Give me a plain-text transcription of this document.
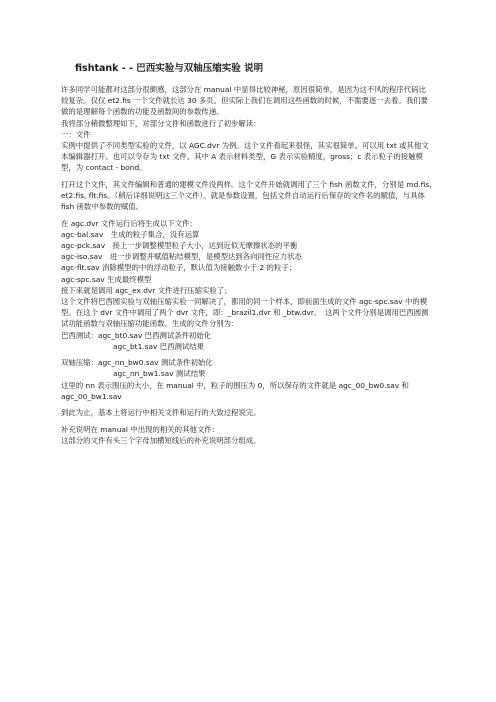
fishtank - - 巴西实验与双轴压缩实验 说明

许多同学可能都对这部分很颇感，这部分在 manual 中显得比较神秘，原因很简单，是因为这不风的程序代码比较复杂。仅仅 et2.fis 一个文件就长达 30 多页。但实际上我们在调用这些函数的时候，不需要逐一去看。我们要做的是理解每个函数的功能及函数间的参数传递。

我将部分稍微整理如下，对部分文件和函数进行了初步解读：

一：文件

实例中提供了不同类型实验的文件，以 AGC.dvr 为例。这个文件看起来很怪，其实很简单。可以用 txt 或其他文本编辑器打开。也可以令存为 txt 文件。其中 A 表示材料类型，G 表示实验精度，gross；c 表示粒子的接触模型，为 contact - bond。

打开这个文件，其文件编辑和普通的建模文件没两样。这个文件开始就调用了三个 fish 函数文件，分别是 md.fis, et2.fis, flt.fis。（稍后详细说明这三个文件）。就是参数设置，包括文件自动运行后保存的文件名的赋值，与具体 fish 函数中参数的赋值。

在 agc.dvr 文件运行后将生成以下文件：

agc-bal.sav　生成的粒子集合，没有运算

agc-pck.sav　接上一步调整模型粒子大小，达到近似无摩擦状态的平衡

agc-iso.sav　进一步调整并赋值粘结模型，是模型达到各向同性应力状态

agc-flt.sav 消除模型的中的浮动粒子，默认值为接触数小于 2 的粒子；

agc-spc.sav 生成最终模型

接下来就是调用 agc_ex.dvr 文件进行压缩实验了；

这个文件将巴西圆实验与双轴压缩实验一同解决了，都用的同一个样本，即前面生成的文件 agc-spc.sav 中的模型。在这个 dvr 文件中调用了两个 dvr 文件，即：_brazil1.dvr 和 _btw.dvr。　这两个文件分别是调用巴西圆测试功能函数与双轴压缩功能函数。生成的文件分别为：

巴西测试：agc_bt0.sav 巴西测试条件初始化

agc_bt1.sav 巴西测试结果

双轴压缩：agc_nn_bw0.sav 测试条件初始化

agc_nn_bw1.sav 测试结果

这里的 nn 表示围压的大小，在 manual 中，粒子的围压为 0，所以保存的文件就是 agc_00_bw0.sav 和 agc_00_bw1.sav

到此为止，基本上将运行中相关文件和运行的大致过程说完。

补充说明在 manual 中出现的相关的其他文件：

这部分的文件有头三个字母加横短线后的补充说明部分组成。
